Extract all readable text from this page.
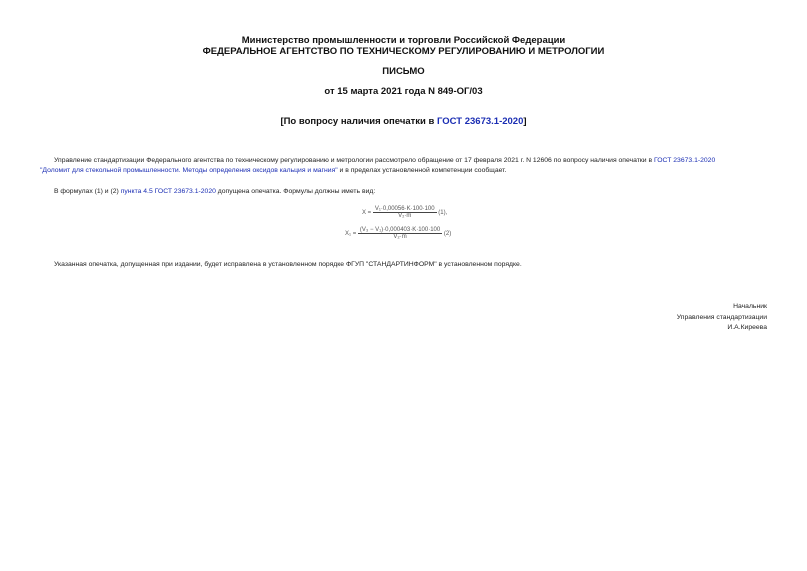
Министерство промышленности и торговли Российской Федерации
ФЕДЕРАЛЬНОЕ АГЕНТСТВО ПО ТЕХНИЧЕСКОМУ РЕГУЛИРОВАНИЮ И МЕТРОЛОГИИ
ПИСЬМО
от 15 марта 2021 года N 849-ОГ/03
[По вопросу наличия опечатки в ГОСТ 23673.1-2020]
Управление стандартизации Федерального агентства по техническому регулированию и метрологии рассмотрело обращение от 17 февраля 2021 г. N 12606 по вопросу наличия опечатки в ГОСТ 23673.1-2020
"Доломит для стекольной промышленности. Методы определения оксидов кальция и магния" и в пределах установленной компетенции сообщает.
В формулах (1) и (2) пункта 4.5 ГОСТ 23673.1-2020 допущена опечатка. Формулы должны иметь вид:
$X = \frac{\text{V₁·0,00056·K·100·100}}{\text{V₂·m}} (1)$,
$X_1 = \frac{\text{(V₃ − V₁)·0,000403·K·100·100}}{\text{V₂·m}} (2)$
Указанная опечатка, допущенная при издании, будет исправлена в установленном порядке ФГУП "СТАНДАРТИНФОРМ" в установленном порядке.
Начальник
Управления стандартизации
И.А.Киреева
